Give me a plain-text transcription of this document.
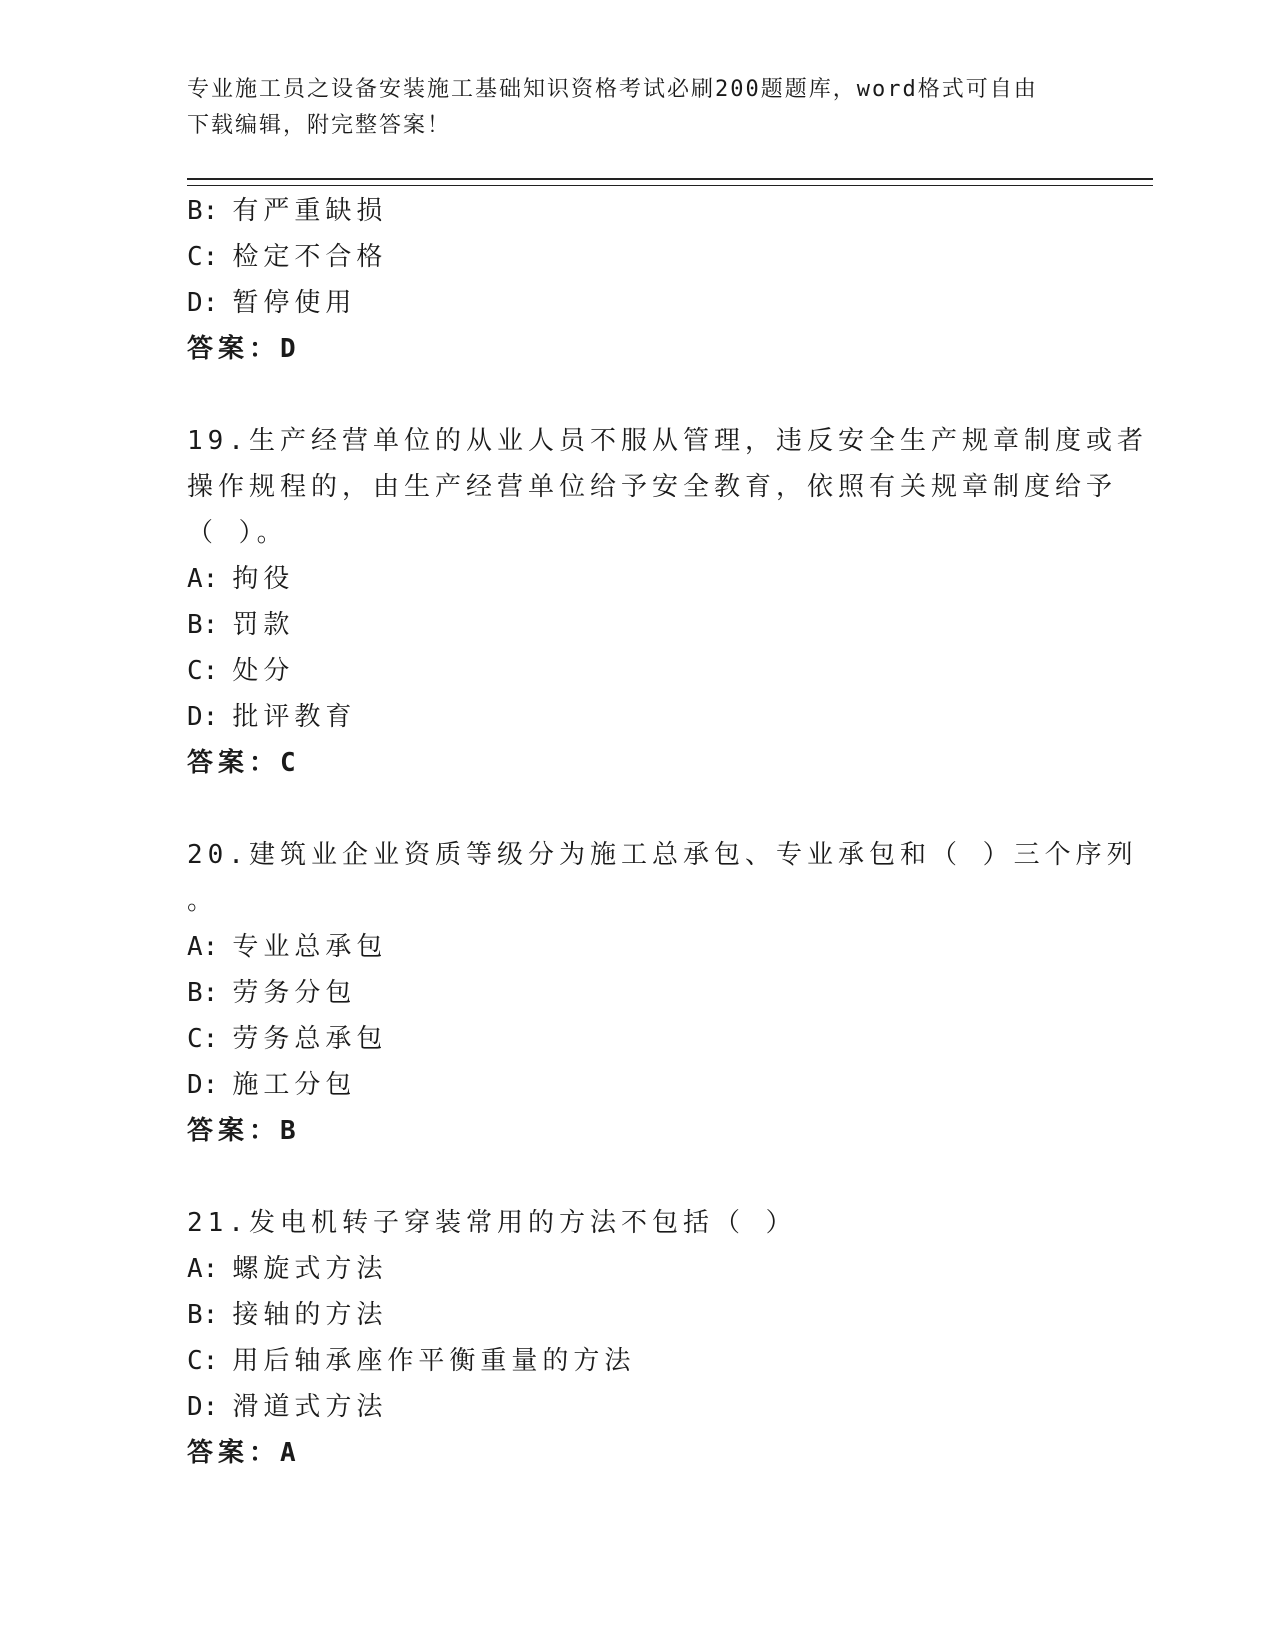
专业施工员之设备安装施工基础知识资格考试必刷200题题库，word格式可自由
下载编辑，附完整答案！
B: 有严重缺损
C: 检定不合格
D: 暂停使用
答案：D
19.生产经营单位的从业人员不服从管理，违反安全生产规章制度或者
操作规程的，由生产经营单位给予安全教育，依照有关规章制度给予
（ ）。
A: 拘役
B: 罚款
C: 处分
D: 批评教育
答案：C
20.建筑业企业资质等级分为施工总承包、专业承包和（ ）三个序列
。
A: 专业总承包
B: 劳务分包
C: 劳务总承包
D: 施工分包
答案：B
21.发电机转子穿装常用的方法不包括（ ）
A: 螺旋式方法
B: 接轴的方法
C: 用后轴承座作平衡重量的方法
D: 滑道式方法
答案：A
